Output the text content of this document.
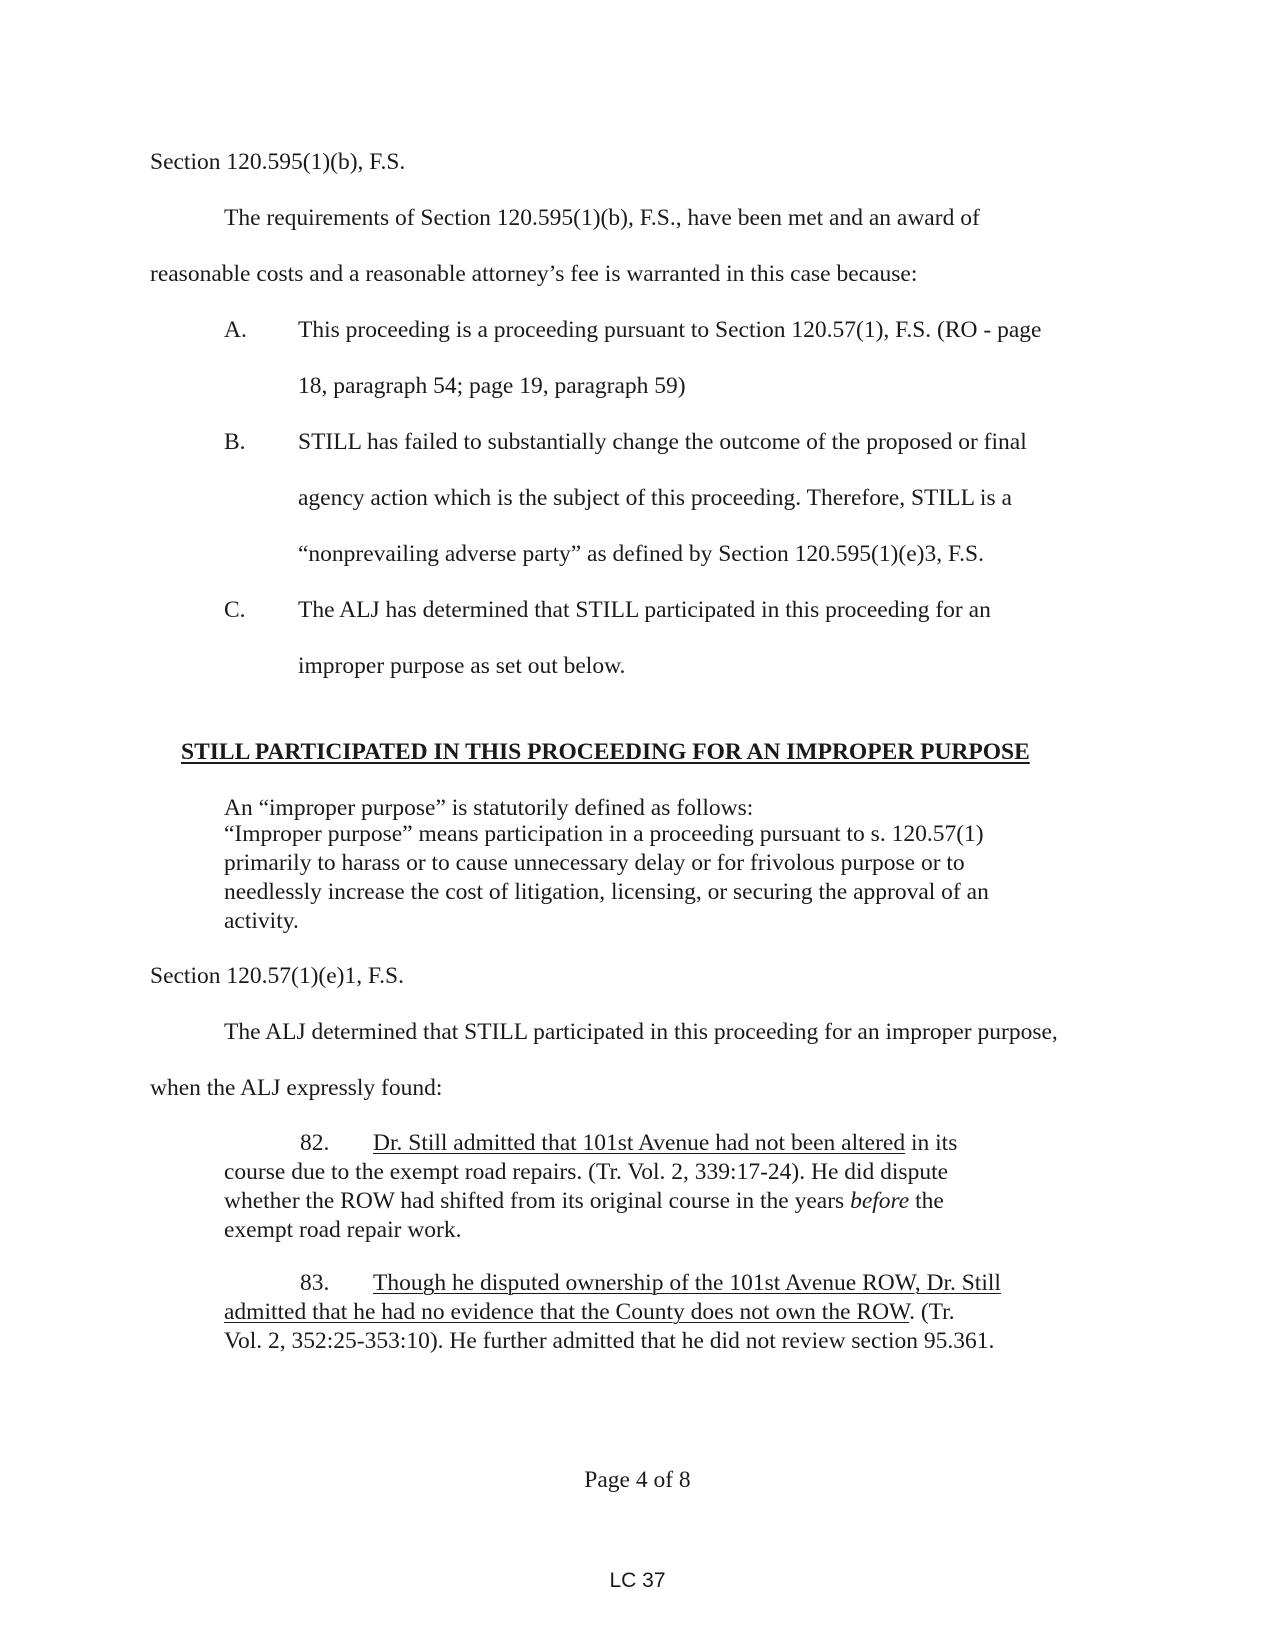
Section 120.595(1)(b), F.S.
The requirements of Section 120.595(1)(b), F.S., have been met and an award of
reasonable costs and a reasonable attorney’s fee is warranted in this case because:
A. This proceeding is a proceeding pursuant to Section 120.57(1), F.S. (RO - page
18, paragraph 54; page 19, paragraph 59)
B. STILL has failed to substantially change the outcome of the proposed or final
agency action which is the subject of this proceeding. Therefore, STILL is a
“nonprevailing adverse party” as defined by Section 120.595(1)(e)3, F.S.
C. The ALJ has determined that STILL participated in this proceeding for an
improper purpose as set out below.
STILL PARTICIPATED IN THIS PROCEEDING FOR AN IMPROPER PURPOSE
An “improper purpose” is statutorily defined as follows:
“Improper purpose” means participation in a proceeding pursuant to s. 120.57(1)
primarily to harass or to cause unnecessary delay or for frivolous purpose or to
needlessly increase the cost of litigation, licensing, or securing the approval of an
activity.
Section 120.57(1)(e)1, F.S.
The ALJ determined that STILL participated in this proceeding for an improper purpose,
when the ALJ expressly found:
82. Dr. Still admitted that 101st Avenue had not been altered in its
course due to the exempt road repairs. (Tr. Vol. 2, 339:17-24). He did dispute
whether the ROW had shifted from its original course in the years before the
exempt road repair work.
83. Though he disputed ownership of the 101st Avenue ROW, Dr. Still
admitted that he had no evidence that the County does not own the ROW. (Tr.
Vol. 2, 352:25-353:10). He further admitted that he did not review section 95.361.
Page 4 of 8
LC 37
